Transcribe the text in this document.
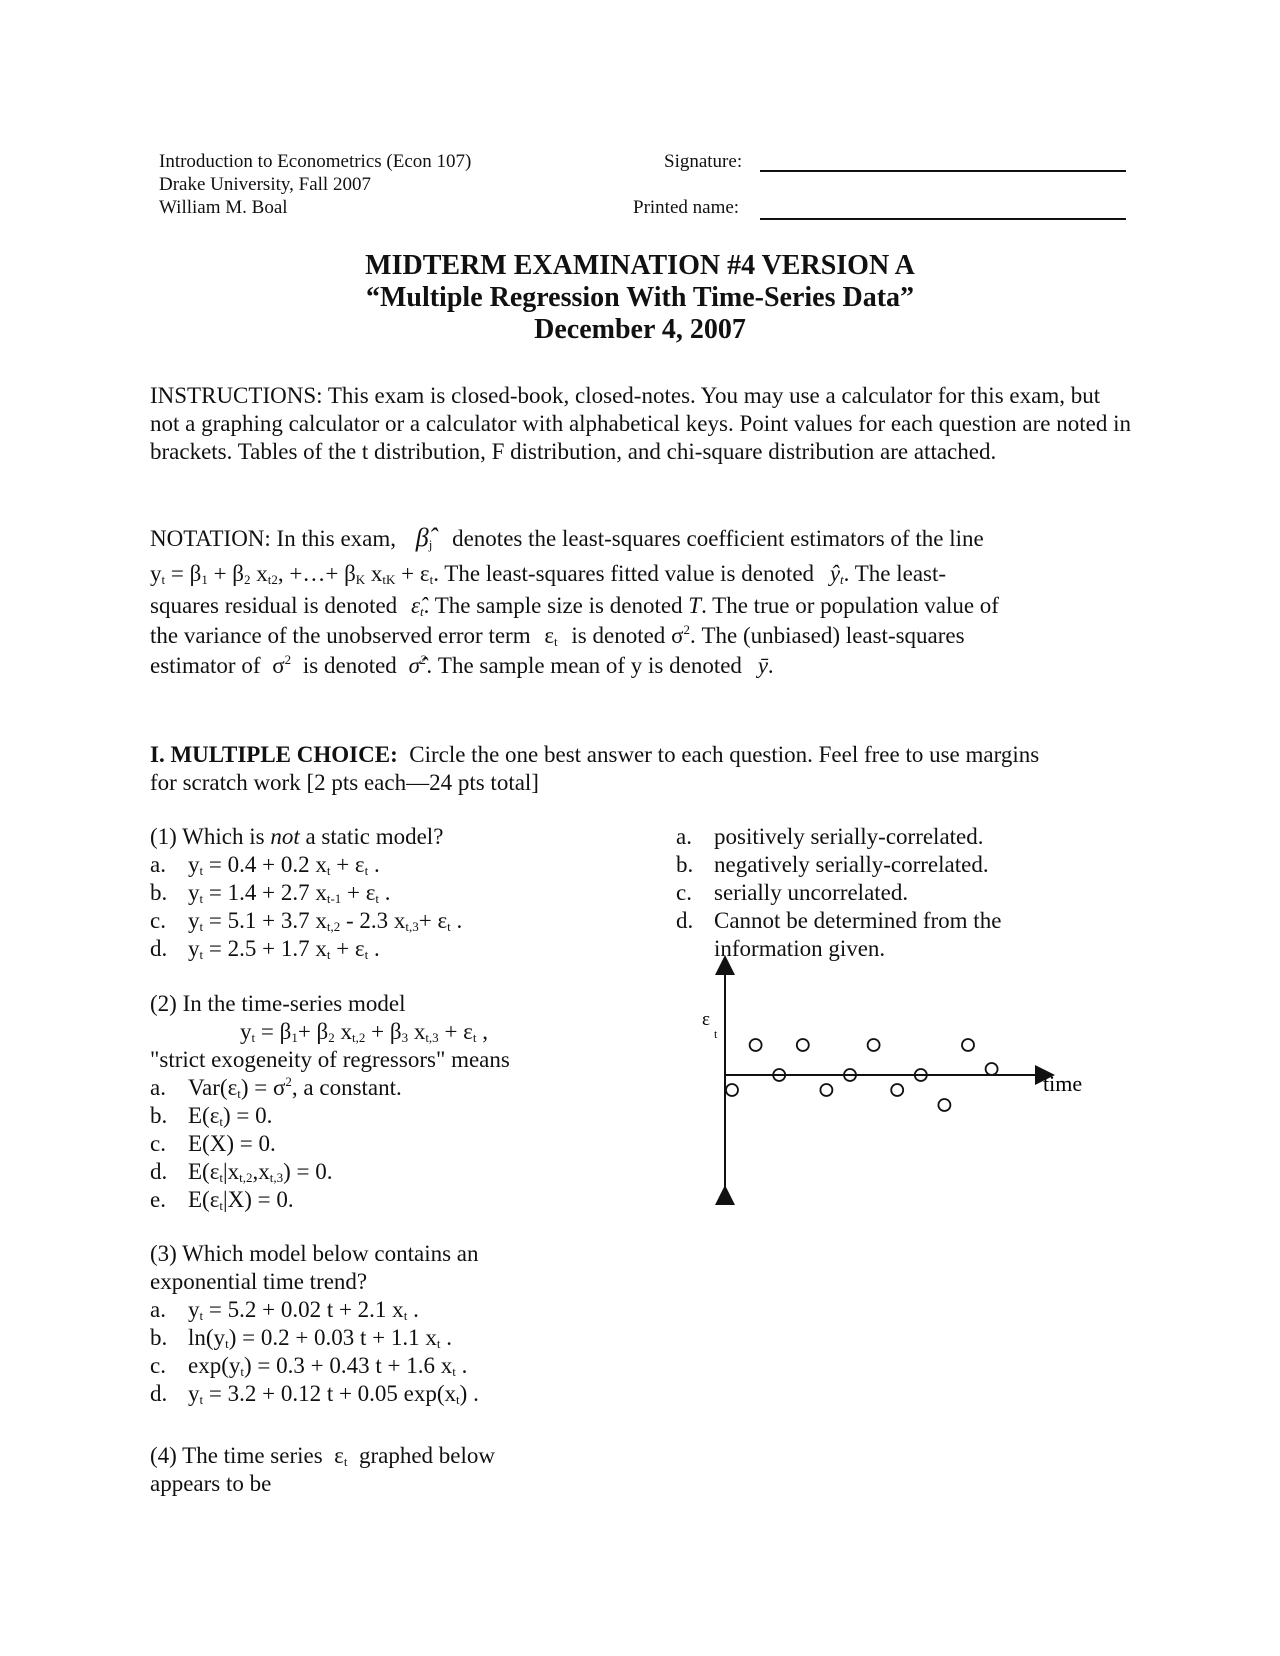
Introduction to Econometrics (Econ 107)
Drake University, Fall 2007
William M. Boal
Signature:
Printed name:
MIDTERM EXAMINATION #4 VERSION A
“Multiple Regression With Time-Series Data”
December 4, 2007
INSTRUCTIONS: This exam is closed-book, closed-notes. You may use a calculator for this exam, but not a graphing calculator or a calculator with alphabetical keys. Point values for each question are noted in brackets. Tables of the t distribution, F distribution, and chi-square distribution are attached.
NOTATION: In this exam, $\betâ_j$ denotes the least-squares coefficient estimators of the line
$y_t = \beta_1 + \beta_2$ $x_{t2}$, +…+ $\beta_K$ $x_{tK} + \varepsilon_t$. The least-squares fitted value is denoted $ŷ_t$. The least-
squares residual is denoted $\varepsilon̂_t$. The sample size is denoted T. The true or population value of
the variance of the unobserved error term $\varepsilon_t$ is denoted $\sigma^2$. The (unbiased) least-squares
estimator of $\sigma^2$ is denoted σ̂$^2$. The sample mean of y is denoted ȳ.
I. MULTIPLE CHOICE: Circle the one best answer to each question. Feel free to use margins for scratch work [2 pts each—24 pts total]
(1) Which is not a static model?
a. $y_t = 0.4 + 0.2$ $x_t + \varepsilon_t$ .
b. $y_t = 1.4 + 2.7$ $x_{t-1} + \varepsilon_t$ .
c. $y_t = 5.1 + 3.7$ $x_{t,2} - 2.3$ $x_{t,3}+ \varepsilon_t$ .
d. $y_t = 2.5 + 1.7$ $x_t + \varepsilon_t$ .
(2) In the time-series model
$y_t = \beta_1+ \beta_2$ $x_{t,2} + \beta_3$ $x_{t,3} + \varepsilon_t$ ,
"strict exogeneity of regressors" means
a. $Var(\varepsilon_t) = \sigma^2$, a constant.
b. $E(\varepsilon_t) = 0$.
c. E(X) = 0.
d. $E(\varepsilon_t|x_{t,2},x_{t,3}) = 0$.
e. $E(\varepsilon_t|X) = 0$.
(3) Which model below contains an
exponential time trend?
a. $y_t = 5.2 + 0.02$ t + 2.1 $x_t$ .
b. $\ln(y_t) = 0.2 + 0.03$ t + 1.1 $x_t$ .
c. $\exp(y_t) = 0.3 + 0.43$ t + 1.6 $x_t$ .
d. $y_t = 3.2 + 0.12$ t + 0.05 $\exp(x_t)$ .
(4) The time series  $\varepsilon_t$ graphed below
appears to be
a. positively serially-correlated.
b. negatively serially-correlated.
c. serially uncorrelated.
d. Cannot be determined from the
information given.
ε
t
time
